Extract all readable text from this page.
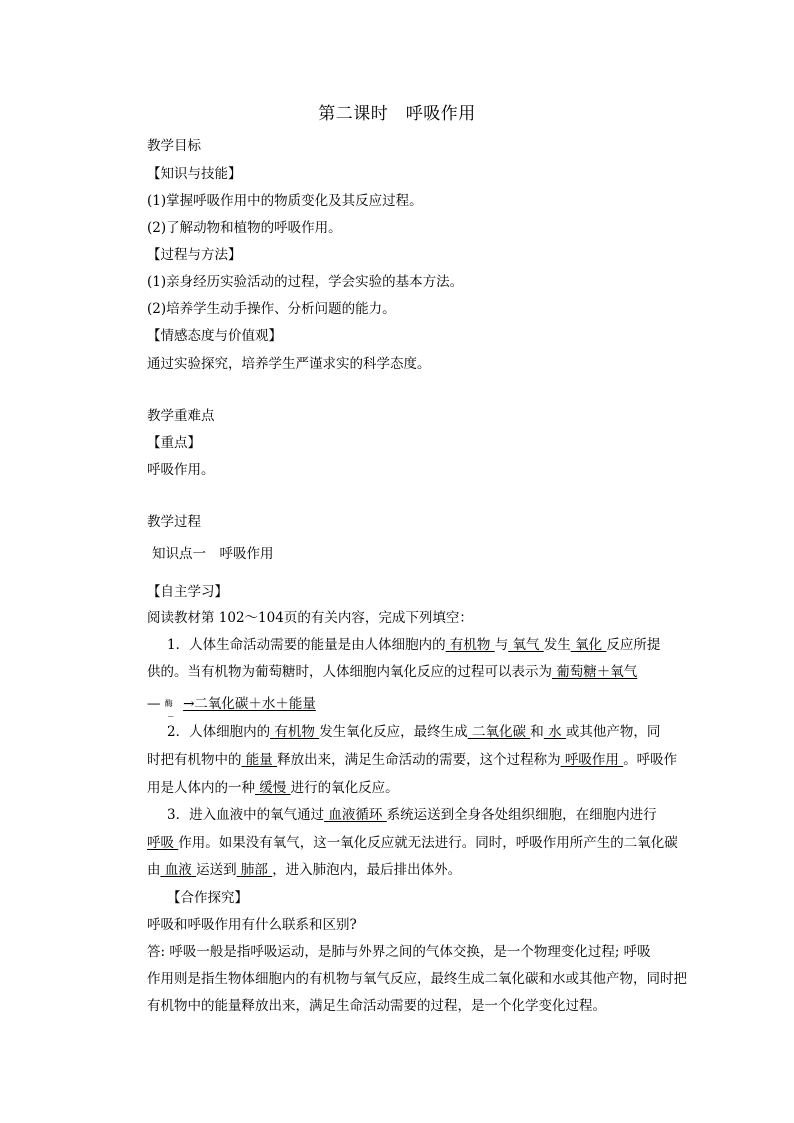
第二课时　呼吸作用
教学目标
【知识与技能】
(1)掌握呼吸作用中的物质变化及其反应过程。
(2)了解动物和植物的呼吸作用。
【过程与方法】
(1)亲身经历实验活动的过程，学会实验的基本方法。
(2)培养学生动手操作、分析问题的能力。
【情感态度与价值观】
通过实验探究，培养学生严谨求实的科学态度。
教学重难点
【重点】
呼吸作用。
教学过程
知识点一　呼吸作用
【自主学习】
阅读教材第 102～104页的有关内容，完成下列填空：
1．人体生命活动需要的能量是由人体细胞内的 有机物 与 氧气 发生 氧化 反应所提
供的。当有机物为葡萄糖时，人体细胞内氧化反应的过程可以表示为 葡萄糖＋氧气
— 酶
—
→二氧化碳＋水＋能量
2．人体细胞内的 有机物 发生氧化反应，最终生成 二氧化碳 和 水 或其他产物，同
时把有机物中的 能量 释放出来，满足生命活动的需要，这个过程称为 呼吸作用 。呼吸作
用是人体内的一种 缓慢 进行的氧化反应。
3．进入血液中的氧气通过 血液循环 系统运送到全身各处组织细胞，在细胞内进行
呼吸 作用。如果没有氧气，这一氧化反应就无法进行。同时，呼吸作用所产生的二氧化碳由 血液 运送到 肺部 ，进入肺泡内，最后排出体外。
【合作探究】
呼吸和呼吸作用有什么联系和区别?
答: 呼吸一般是指呼吸运动，是肺与外界之间的气体交换，是一个物理变化过程; 呼吸
作用则是指生物体细胞内的有机物与氧气反应，最终生成二氧化碳和水或其他产物，同时把
有机物中的能量释放出来，满足生命活动需要的过程，是一个化学变化过程。
